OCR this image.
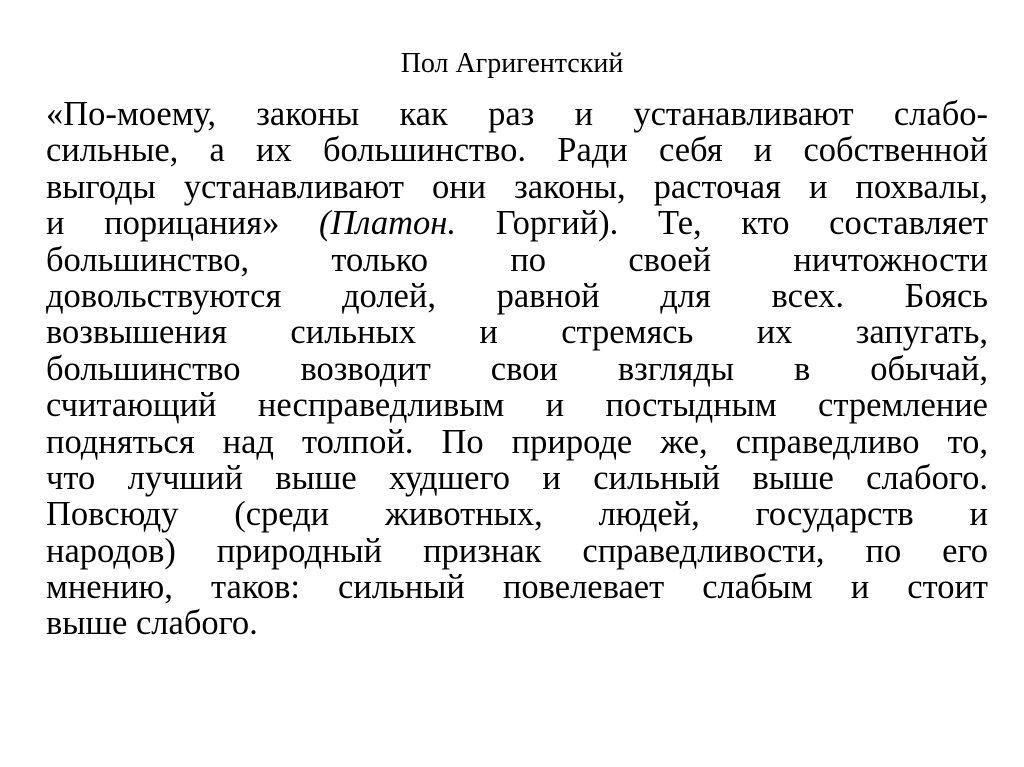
Пол Агригентский
«По-моему, законы как раз и устанавливают слабо-
сильные, а их большинство. Ради себя и собственной
выгоды устанавливают они законы, расточая и похвалы,
и порицания» (Платон. Горгий). Те, кто составляет
большинство, только по своей ничтожности
довольствуются долей, равной для всех. Боясь
возвышения сильных и стремясь их запугать,
большинство возводит свои взгляды в обычай,
считающий несправедливым и постыдным стремление
подняться над толпой. По природе же, справедливо то,
что лучший выше худшего и сильный выше слабого.
Повсюду (среди животных, людей, государств и
народов) природный признак справедливости, по его
мнению, таков: сильный повелевает слабым и стоит
выше слабого.
